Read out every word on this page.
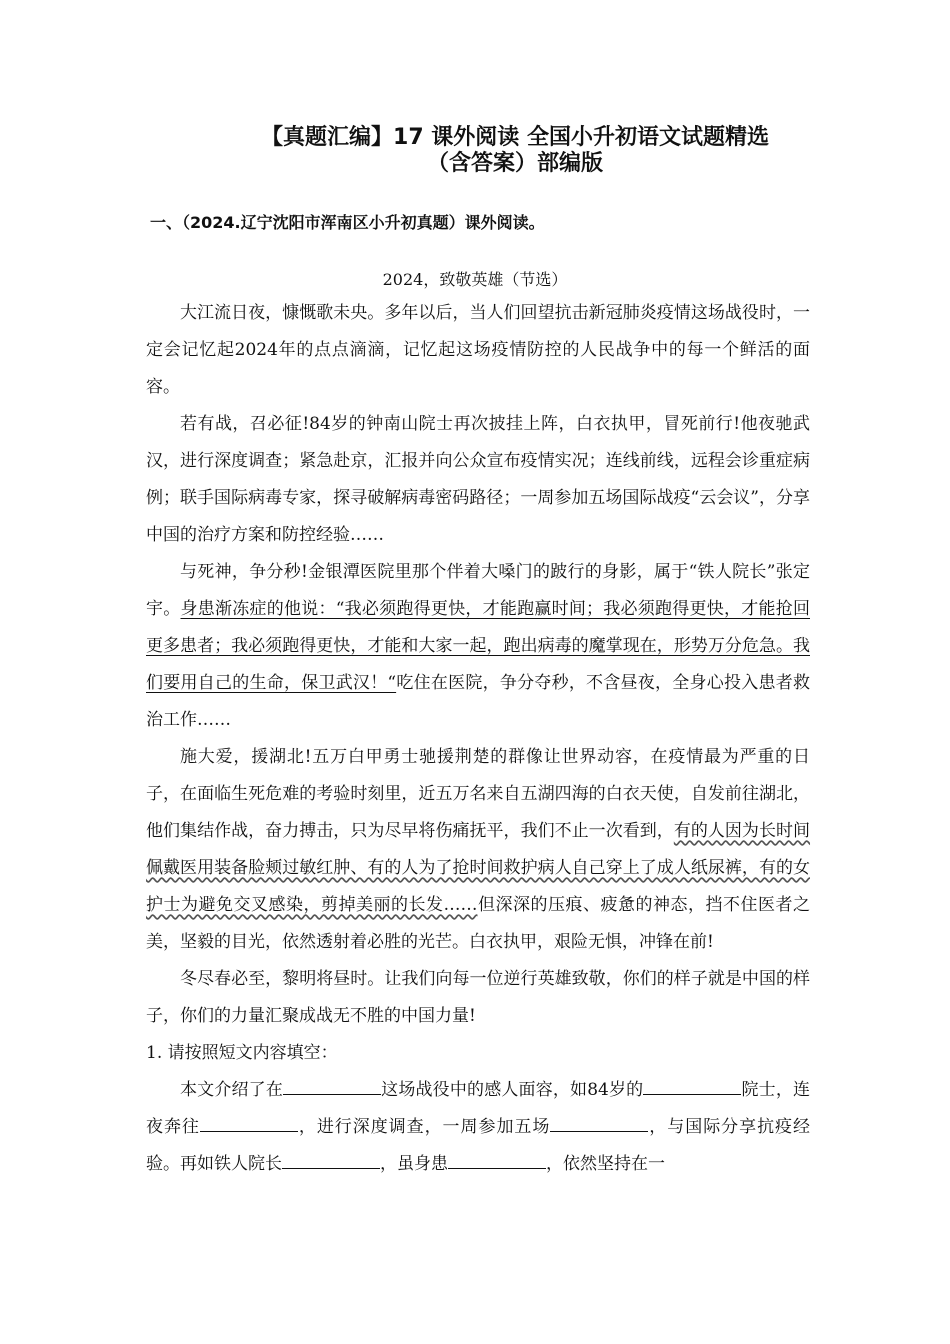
【真题汇编】17 课外阅读 全国小升初语文试题精选
（含答案）部编版
一、（2024.辽宁沈阳市浑南区小升初真题）课外阅读。
2024，致敬英雄（节选）

大江流日夜，慷慨歌未央。多年以后，当人们回望抗击新冠肺炎疫情这场战役时，一定会记忆起2024年的点点滴滴，记忆起这场疫情防控的人民战争中的每一个鲜活的面容。

若有战，召必征!84岁的钟南山院士再次披挂上阵，白衣执甲，冒死前行!他夜驰武汉，进行深度调查；紧急赴京，汇报并向公众宣布疫情实况；连线前线，远程会诊重症病例；联手国际病毒专家，探寻破解病毒密码路径；一周参加五场国际战疫“云会议”，分享中国的治疗方案和防控经验……

与死神，争分秒!金银潭医院里那个伴着大嗓门的跛行的身影，属于“铁人院长”张定宇。身患渐冻症的他说：“我必须跑得更快，才能跑赢时间；我必须跑得更快，才能抢回更多患者；我必须跑得更快，才能和大家一起，跑出病毒的魔掌现在，形势万分危急。我们要用自己的生命，保卫武汉！“吃住在医院，争分夺秒，不含昼夜，全身心投入患者救治工作……

施大爱，援湖北!五万白甲勇士驰援荆楚的群像让世界动容，在疫情最为严重的日子，在面临生死危难的考验时刻里，近五万名来自五湖四海的白衣天使，自发前往湖北，他们集结作战，奋力搏击，只为尽早将伤痛抚平，我们不止一次看到，有的人因为长时间佩戴医用装备脸颊过敏红肿、有的人为了抢时间救护病人自己穿上了成人纸尿裤，有的女护士为避免交叉感染，剪掉美丽的长发……但深深的压痕、疲惫的神态，挡不住医者之美，坚毅的目光，依然透射着必胜的光芒。白衣执甲，艰险无惧，冲锋在前!

冬尽春必至，黎明将昼时。让我们向每一位逆行英雄致敬，你们的样子就是中国的样子，你们的力量汇聚成战无不胜的中国力量!

1. 请按照短文内容填空：

本文介绍了在	这场战役中的感人面容，如84岁的	院士，连夜奔往	，进行深度调查，一周参加五场	，与国际分享抗疫经验。再如铁人院长	，虽身患	，依然坚持在一
